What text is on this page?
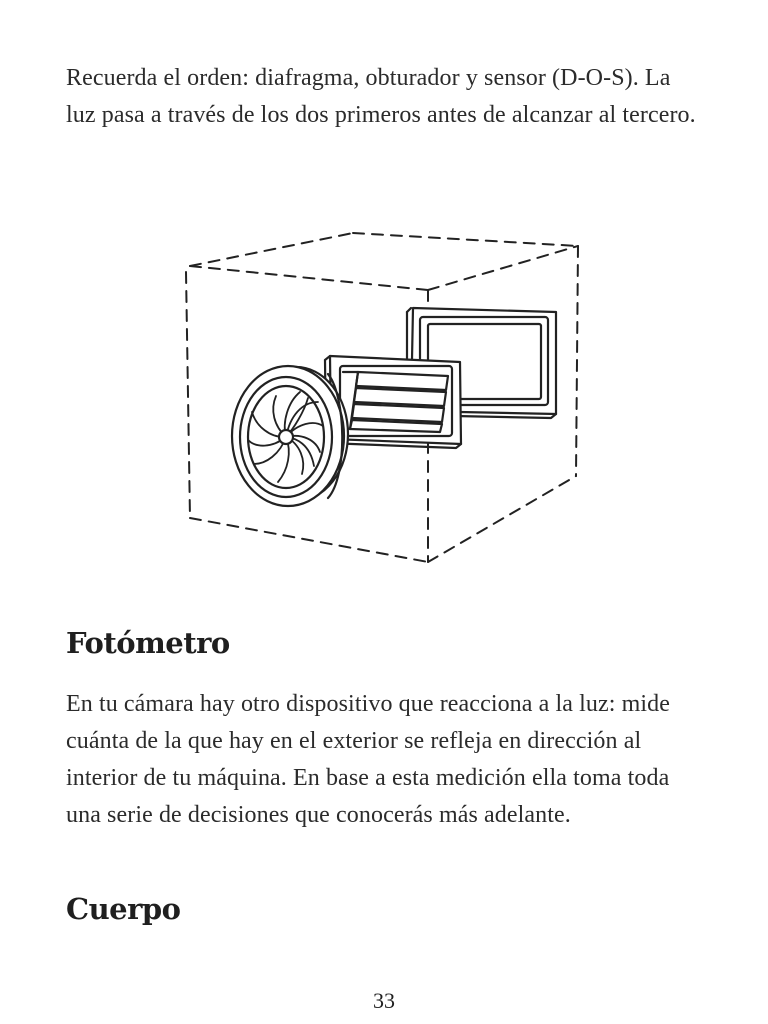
Recuerda el orden: diafragma, obturador y sensor (D-O-S). La luz pasa a través de los dos primeros antes de alcanzar al tercero.

Fotómetro

En tu cámara hay otro dispositivo que reacciona a la luz: mide cuánta de la que hay en el exterior se refleja en dirección al interior de tu máquina. En base a esta medición ella toma toda una serie de decisiones que conocerás más adelante.

Cuerpo
33
